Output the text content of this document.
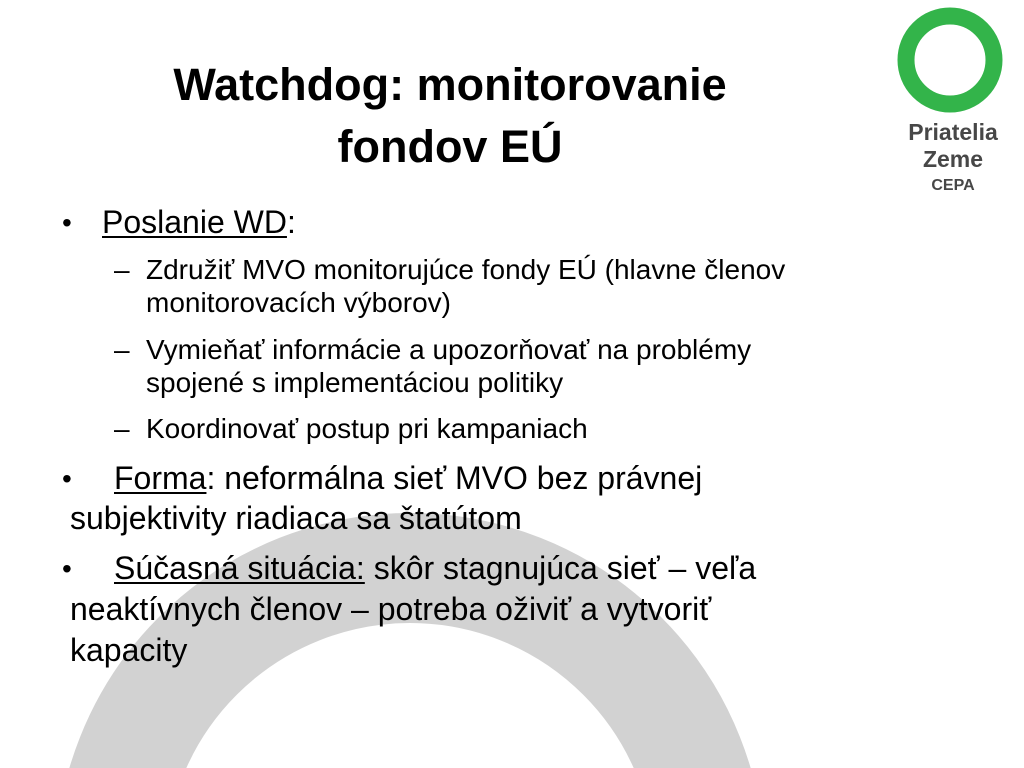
Watchdog: monitorovanie
fondov EÚ	Priatelia
Zeme
CEPA
• Poslanie WD:
– Združiť MVO monitorujúce fondy EÚ (hlavne členov
monitorovacích výborov)
– Vymieňať informácie a upozorňovať na problémy
spojené s implementáciou politiky
– Koordinovať postup pri kampaniach
• Forma: neformálna sieť MVO bez právnej
subjektivity riadiaca sa štatútom
• Súčasná situácia: skôr stagnujúca sieť – veľa
neaktívnych členov – potreba oživiť a vytvoriť
kapacity
